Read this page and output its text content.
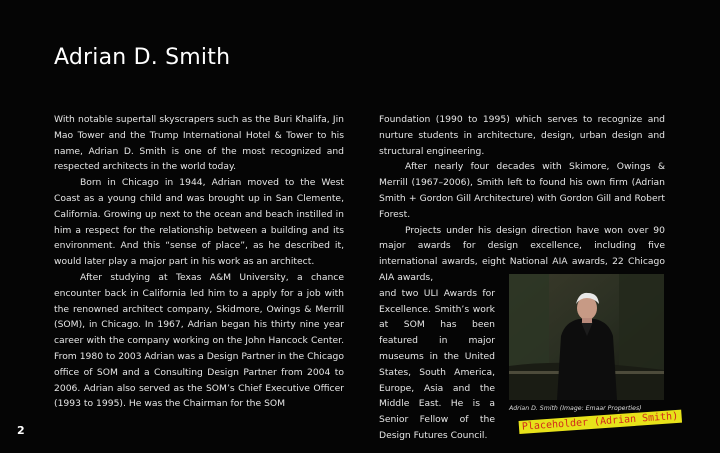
Adrian D. Smith

With notable supertall skyscrapers such as the Buri Khalifa, Jin Mao Tower and the Trump International Hotel & Tower to his name, Adrian D. Smith is one of the most recognized and respected architects in the world today.

Born in Chicago in 1944, Adrian moved to the West Coast as a young child and was brought up in San Clemente, California. Growing up next to the ocean and beach instilled in him a respect for the relationship between a building and its environment. And this “sense of place”, as he described it, would later play a major part in his work as an architect.

After studying at Texas A&M University, a chance encounter back in California led him to a apply for a job with the renowned architect company, Skidmore, Owings & Merrill (SOM), in Chicago. In 1967, Adrian began his thirty nine year career with the company working on the John Hancock Center. From 1980 to 2003 Adrian was a Design Partner in the Chicago office of SOM and a Consulting Design Partner from 2004 to 2006. Adrian also served as the SOM’s Chief Executive Officer (1993 to 1995). He was the Chairman for the SOM

Foundation (1990 to 1995) which serves to recognize and nurture students in architecture, design, urban design and structural engineering.

After nearly four decades with Skimore, Owings & Merrill (1967–2006), Smith left to found his own firm (Adrian Smith + Gordon Gill Architecture) with Gordon Gill and Robert Forest.

Projects under his design direction have won over 90 major awards for design excellence, including five international awards, eight National AIA awards, 22 Chicago AIA awards,

and two ULI Awards for Excellence. Smith’s work at SOM has been featured in major museums in the United States, South America, Europe, Asia and the Middle East. He is a Senior Fellow of the Design Futures Council.

Adrian D. Smith (Image: Emaar Properties)
Placeholder (Adrian Smith)
2
